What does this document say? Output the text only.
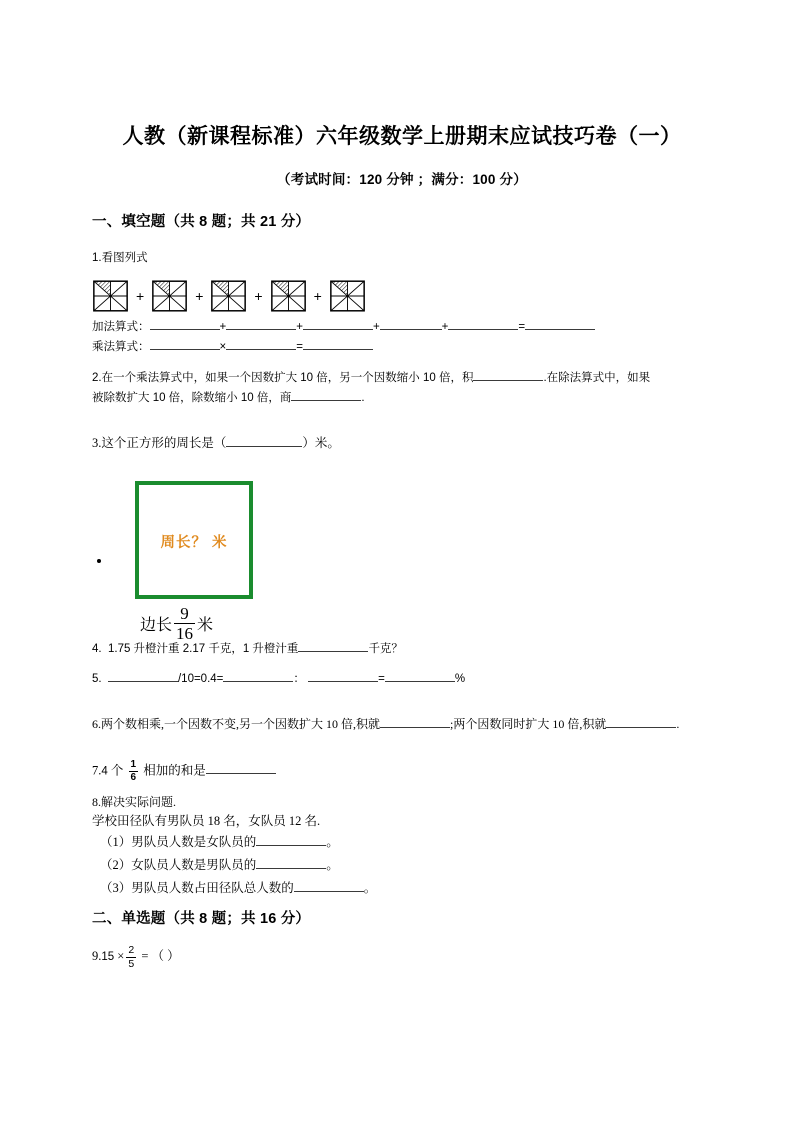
人教（新课程标准）六年级数学上册期末应试技巧卷（一）
（考试时间：120 分钟 ；满分：100 分）
一、填空题（共 8 题；共 21 分）
1.看图列式
+	+	+	+
加法算式：	+	+	+	+	=
乘法算式：	×	=
2.在一个乘法算式中，如果一个因数扩大 10 倍，另一个因数缩小 10 倍，积	.在除法算式中，如果
被除数扩大 10 倍，除数缩小 10 倍，商	.
3.这个正方形的周长是（	）米。
周长？ 米
边长 $\frac{9}{16}$ 米
4. 1.75 升橙汁重 2.17 千克，1 升橙汁重	千克？
5.	/10=0.4=	：	=	%
6.两个数相乘,一个因数不变,另一个因数扩大 10 倍,积就	;两个因数同时扩大 10 倍,积就	.
7.4 个 $\frac{1}{6}$ 相加的和是
8.解决实际问题.
学校田径队有男队员 18 名，女队员 12 名.
（1）男队员人数是女队员的	。
（2）女队员人数是男队员的	。
（3）男队员人数占田径队总人数的	。
二、单选题（共 8 题；共 16 分）
$9.15 \times \frac{2}{5}$ = （ ）
